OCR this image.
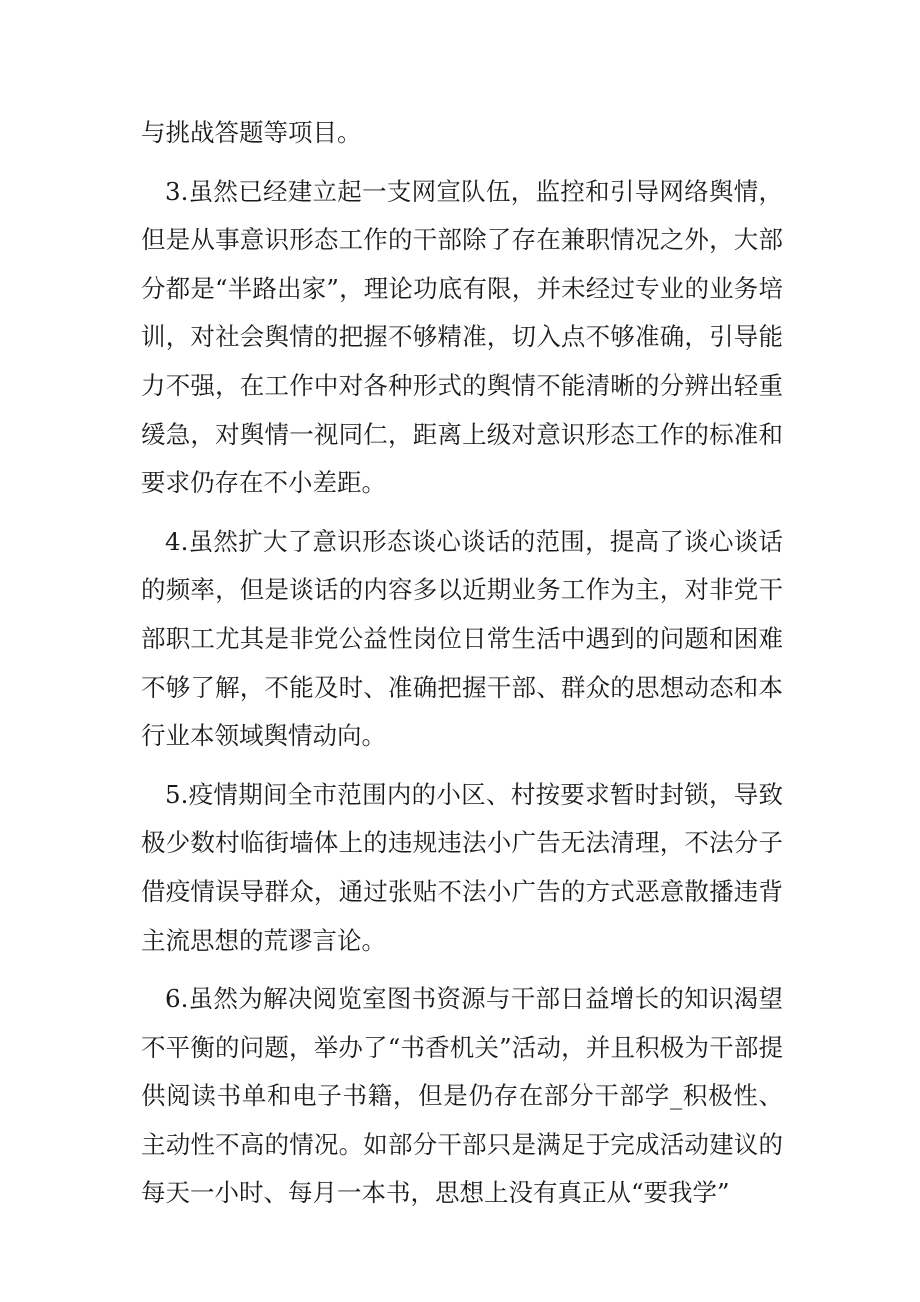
与挑战答题等项目。

3.虽然已经建立起一支网宣队伍，监控和引导网络舆情，但是从事意识形态工作的干部除了存在兼职情况之外，大部分都是“半路出家”，理论功底有限，并未经过专业的业务培训，对社会舆情的把握不够精准，切入点不够准确，引导能力不强，在工作中对各种形式的舆情不能清晰的分辨出轻重缓急，对舆情一视同仁，距离上级对意识形态工作的标准和要求仍存在不小差距。

4.虽然扩大了意识形态谈心谈话的范围，提高了谈心谈话的频率，但是谈话的内容多以近期业务工作为主，对非党干部职工尤其是非党公益性岗位日常生活中遇到的问题和困难不够了解，不能及时、准确把握干部、群众的思想动态和本行业本领域舆情动向。

5.疫情期间全市范围内的小区、村按要求暂时封锁，导致极少数村临街墙体上的违规违法小广告无法清理，不法分子借疫情误导群众，通过张贴不法小广告的方式恶意散播违背主流思想的荒谬言论。

6.虽然为解决阅览室图书资源与干部日益增长的知识渴望不平衡的问题，举办了“书香机关”活动，并且积极为干部提供阅读书单和电子书籍，但是仍存在部分干部学_积极性、主动性不高的情况。如部分干部只是满足于完成活动建议的每天一小时、每月一本书，思想上没有真正从“要我学”
